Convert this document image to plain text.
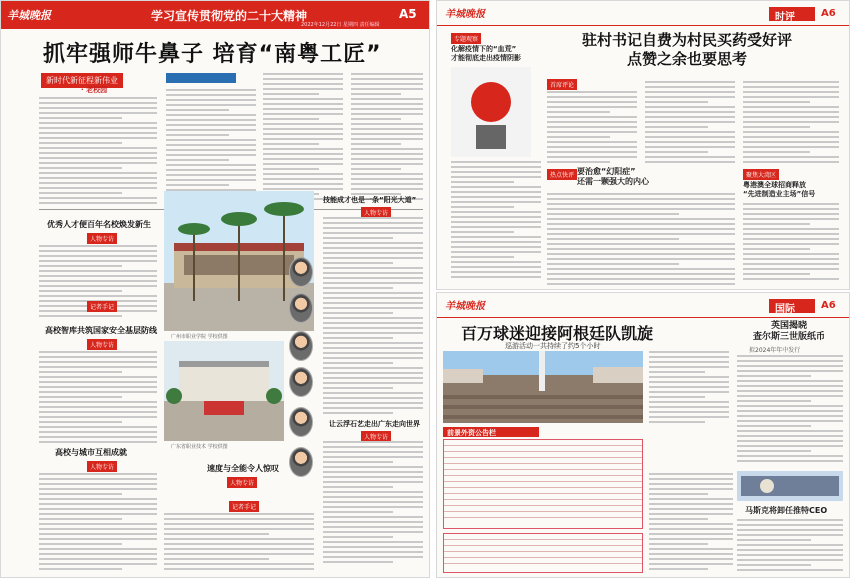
羊城晚报	学习宣传贯彻党的二十大精神	A5
2022年12月22日 星期四 责任编辑
抓牢强师牛鼻子 培育“南粤工匠”
新时代新征程新伟业
· 老校园
优秀人才便百年名校焕发新生
人物专访
记者手记
高校智库共筑国家安全基层防线
人物专访
高校与城市互相成就
人物专访
广州市职业学院 学校供图
广东省职业技术 学校供图
技能成才也是一条“阳光大道”
人物专访
让云浮石艺走出广东走向世界
人物专访
速度与全能令人惊叹
人物专访
记者手记
羊城晚报	时评	A6
驻村书记自费为村民买药受好评
点赞之余也要思考
专题观察
化解疫情下的“血荒”
才能彻底走出疫情阴影
首席评论
热点快评 要治愈“幻阳症”
还需一颗强大的内心
聚焦大湾区
粤港澳全球招商释放
“先进制造业主场”信号
羊城晚报	国际	A6
百万球迷迎接阿根廷队凯旋
巡游活动一共持续了约5个小时
英国揭晓
查尔斯三世版纸币
拟2024年年中发行
马斯克将卸任推特CEO
前景外资公告栏
